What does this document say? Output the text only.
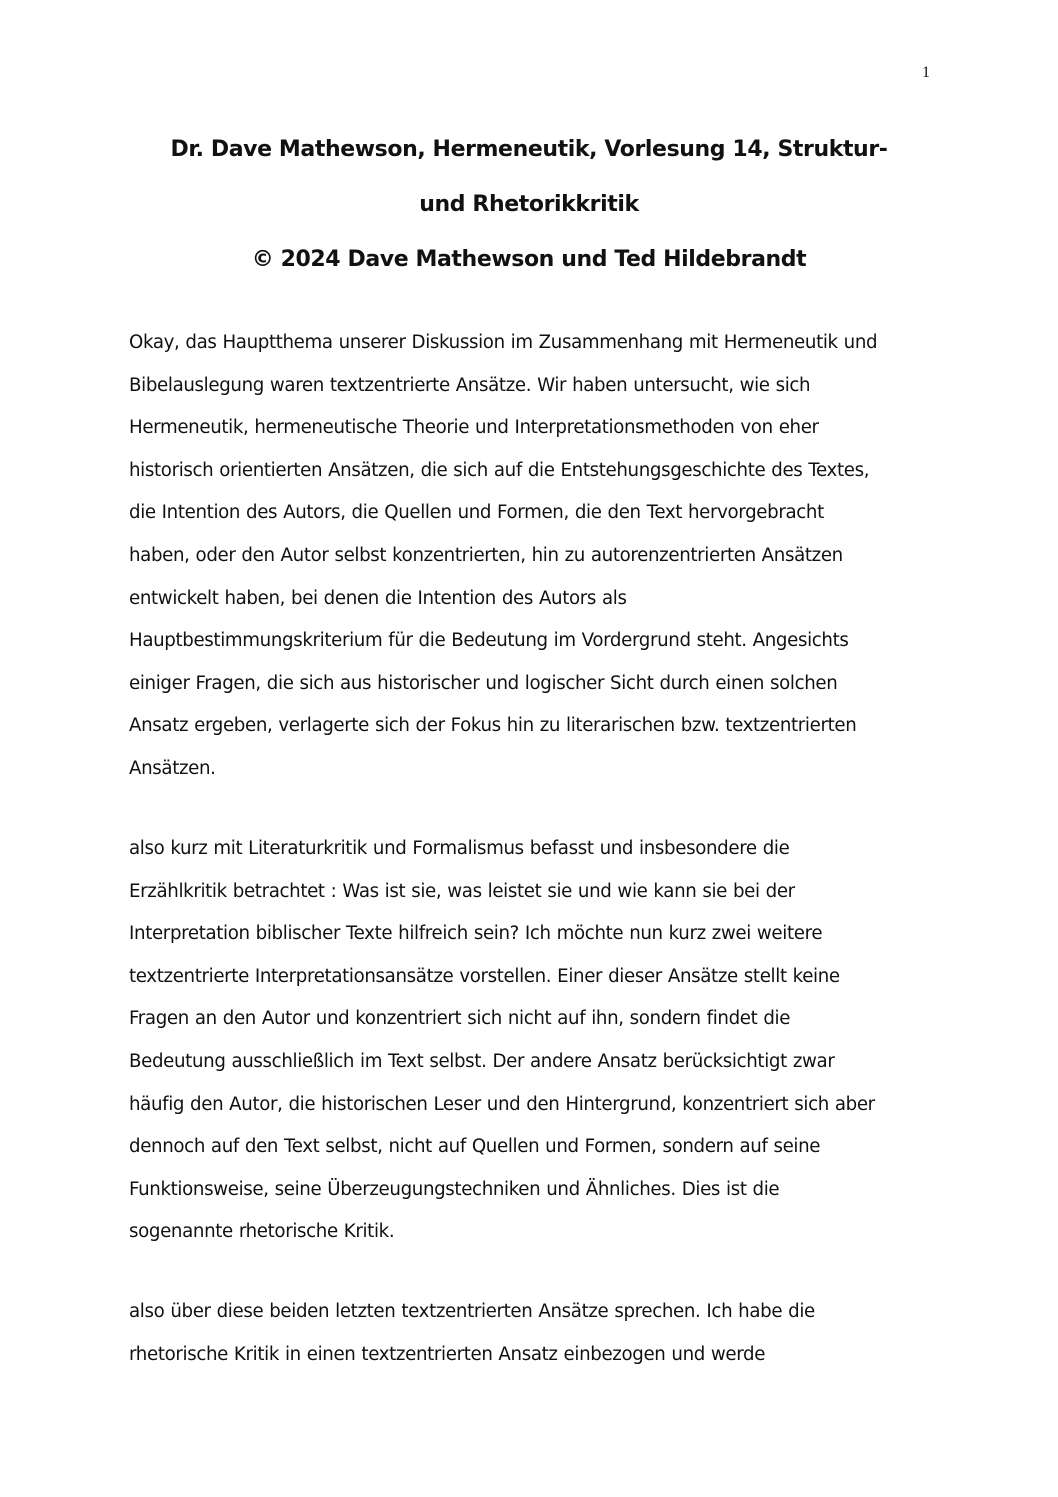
1
Dr. Dave Mathewson, Hermeneutik, Vorlesung 14, Struktur-
und Rhetorikkritik
© 2024 Dave Mathewson und Ted Hildebrandt
Okay, das Hauptthema unserer Diskussion im Zusammenhang mit Hermeneutik und
Bibelauslegung waren textzentrierte Ansätze. Wir haben untersucht, wie sich
Hermeneutik, hermeneutische Theorie und Interpretationsmethoden von eher
historisch orientierten Ansätzen, die sich auf die Entstehungsgeschichte des Textes,
die Intention des Autors, die Quellen und Formen, die den Text hervorgebracht
haben, oder den Autor selbst konzentrierten, hin zu autorenzentrierten Ansätzen
entwickelt haben, bei denen die Intention des Autors als
Hauptbestimmungskriterium für die Bedeutung im Vordergrund steht. Angesichts
einiger Fragen, die sich aus historischer und logischer Sicht durch einen solchen
Ansatz ergeben, verlagerte sich der Fokus hin zu literarischen bzw. textzentrierten
Ansätzen.
also kurz mit Literaturkritik und Formalismus befasst und insbesondere die
Erzählkritik betrachtet : Was ist sie, was leistet sie und wie kann sie bei der
Interpretation biblischer Texte hilfreich sein? Ich möchte nun kurz zwei weitere
textzentrierte Interpretationsansätze vorstellen. Einer dieser Ansätze stellt keine
Fragen an den Autor und konzentriert sich nicht auf ihn, sondern findet die
Bedeutung ausschließlich im Text selbst. Der andere Ansatz berücksichtigt zwar
häufig den Autor, die historischen Leser und den Hintergrund, konzentriert sich aber
dennoch auf den Text selbst, nicht auf Quellen und Formen, sondern auf seine
Funktionsweise, seine Überzeugungstechniken und Ähnliches. Dies ist die
sogenannte rhetorische Kritik.
also über diese beiden letzten textzentrierten Ansätze sprechen. Ich habe die
rhetorische Kritik in einen textzentrierten Ansatz einbezogen und werde
